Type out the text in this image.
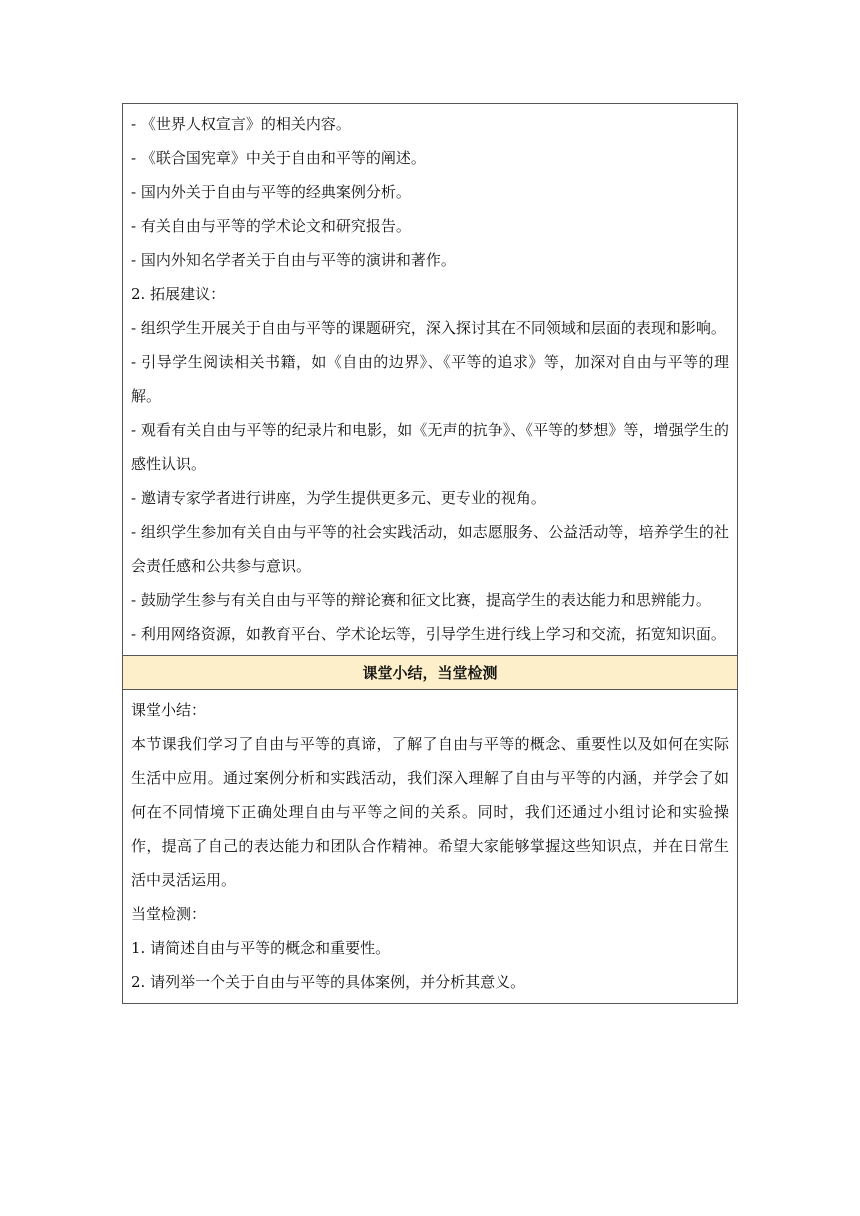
- 《世界人权宣言》的相关内容。

- 《联合国宪章》中关于自由和平等的阐述。

- 国内外关于自由与平等的经典案例分析。

- 有关自由与平等的学术论文和研究报告。

- 国内外知名学者关于自由与平等的演讲和著作。

2. 拓展建议：

- 组织学生开展关于自由与平等的课题研究，深入探讨其在不同领域和层面的表现和影响。

- 引导学生阅读相关书籍，如《自由的边界》、《平等的追求》等，加深对自由与平等的理解。

- 观看有关自由与平等的纪录片和电影，如《无声的抗争》、《平等的梦想》等，增强学生的感性认识。

- 邀请专家学者进行讲座，为学生提供更多元、更专业的视角。

- 组织学生参加有关自由与平等的社会实践活动，如志愿服务、公益活动等，培养学生的社会责任感和公共参与意识。

- 鼓励学生参与有关自由与平等的辩论赛和征文比赛，提高学生的表达能力和思辨能力。

- 利用网络资源，如教育平台、学术论坛等，引导学生进行线上学习和交流，拓宽知识面。

课堂小结，当堂检测

课堂小结：

本节课我们学习了自由与平等的真谛，了解了自由与平等的概念、重要性以及如何在实际生活中应用。通过案例分析和实践活动，我们深入理解了自由与平等的内涵，并学会了如何在不同情境下正确处理自由与平等之间的关系。同时，我们还通过小组讨论和实验操作，提高了自己的表达能力和团队合作精神。希望大家能够掌握这些知识点，并在日常生活中灵活运用。

当堂检测：

1. 请简述自由与平等的概念和重要性。

2. 请列举一个关于自由与平等的具体案例，并分析其意义。
